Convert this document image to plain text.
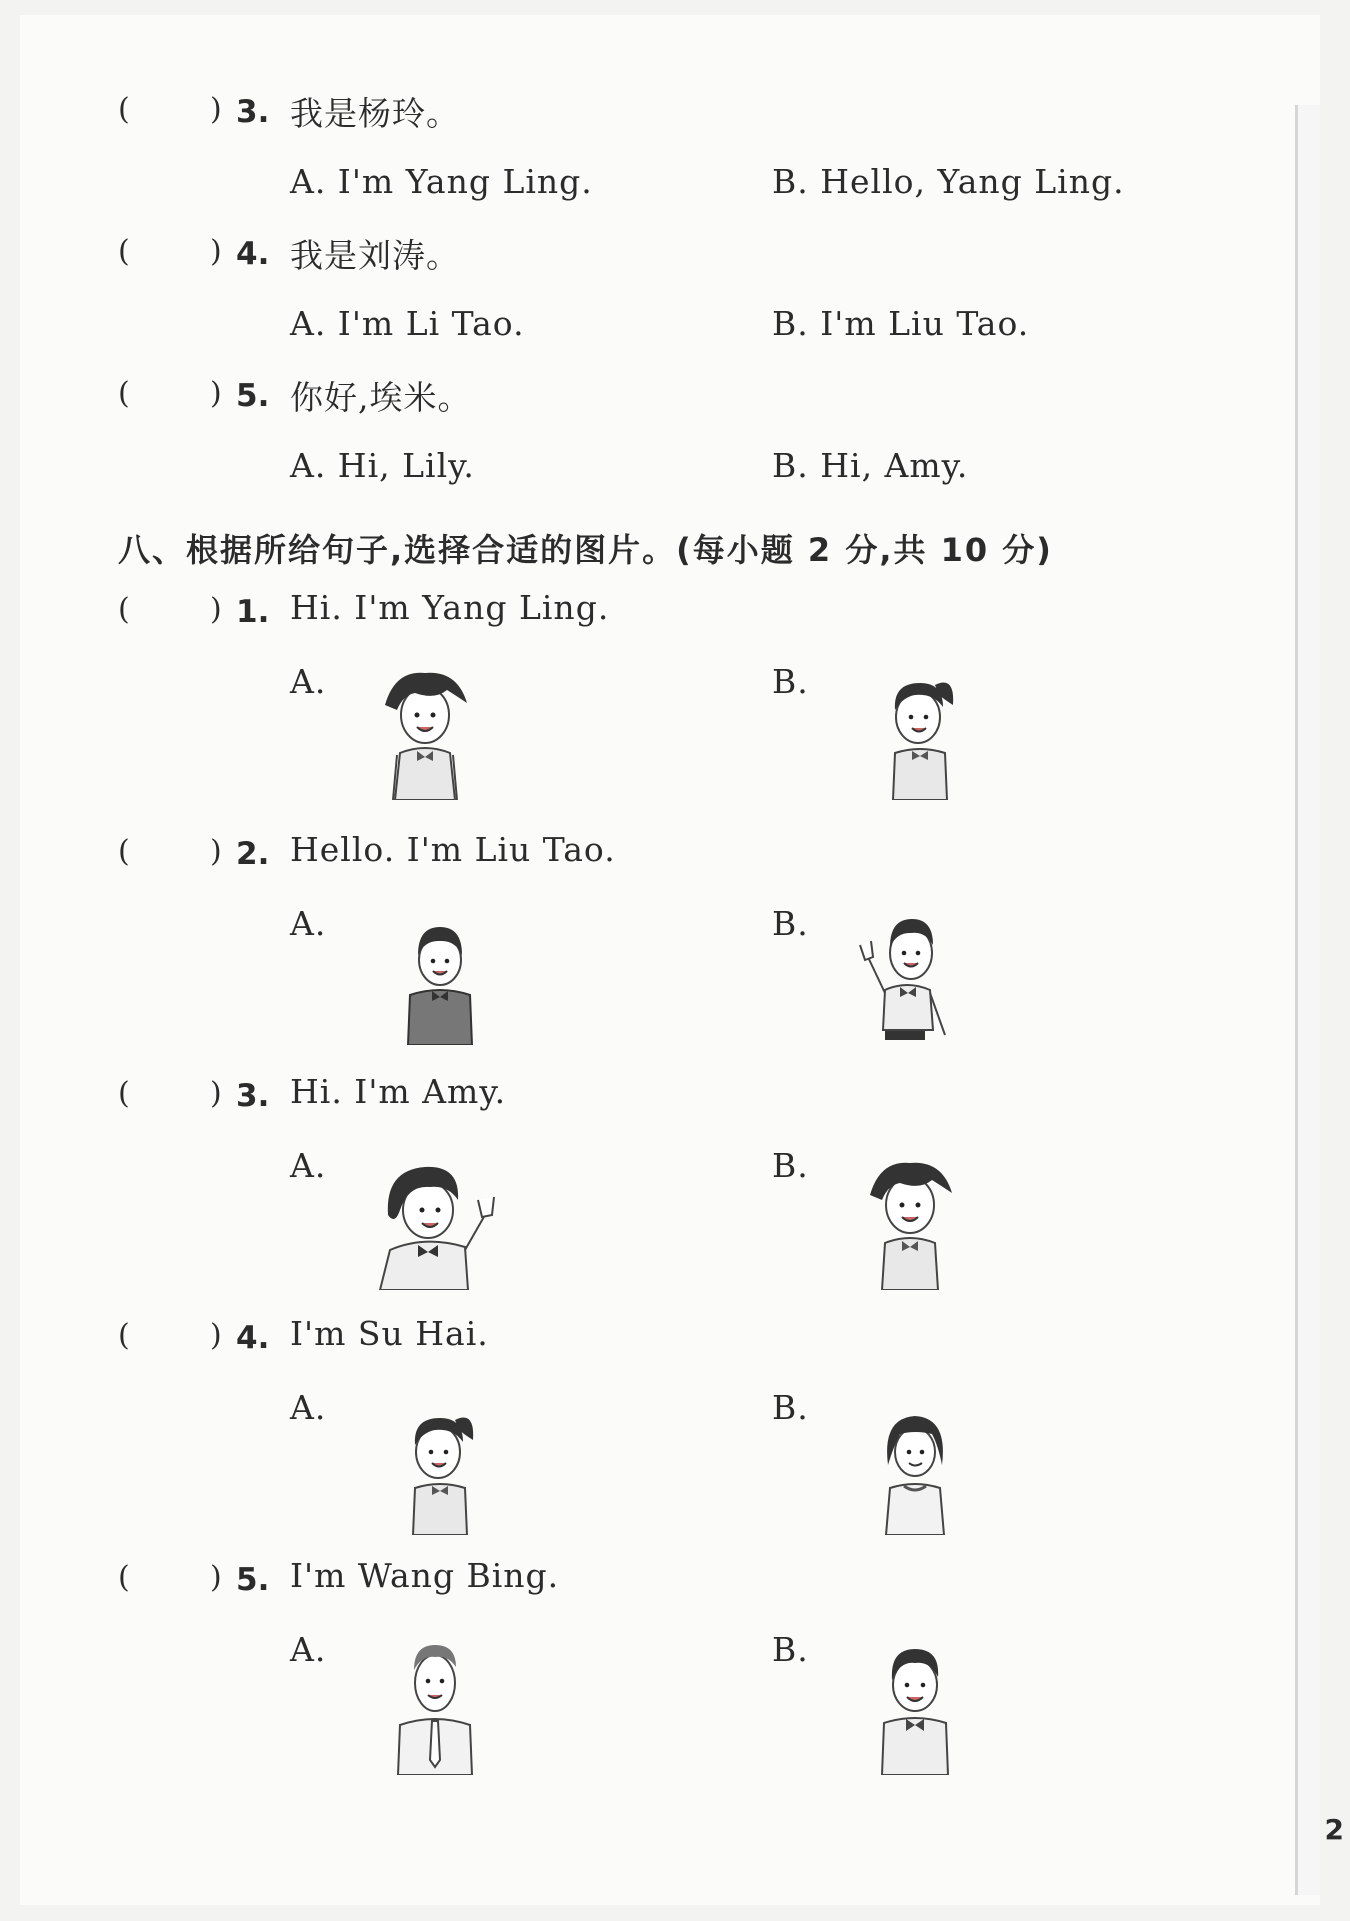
(	) 3. 我是杨玲。
A. I'm Yang Ling.	B. Hello, Yang Ling.
(	) 4. 我是刘涛。
A. I'm Li Tao.	B. I'm Liu Tao.
(	) 5. 你好,埃米。
A. Hi, Lily.	B. Hi, Amy.
八、根据所给句子,选择合适的图片。(每小题 2 分,共 10 分)
(	) 1. Hi. I'm Yang Ling.
A.	B.
(	) 2. Hello. I'm Liu Tao.
A.	B.
(	) 3. Hi. I'm Amy.
A.	B.
(	) 4. I'm Su Hai.
A.	B.
(	) 5. I'm Wang Bing.
A.	B.
2
